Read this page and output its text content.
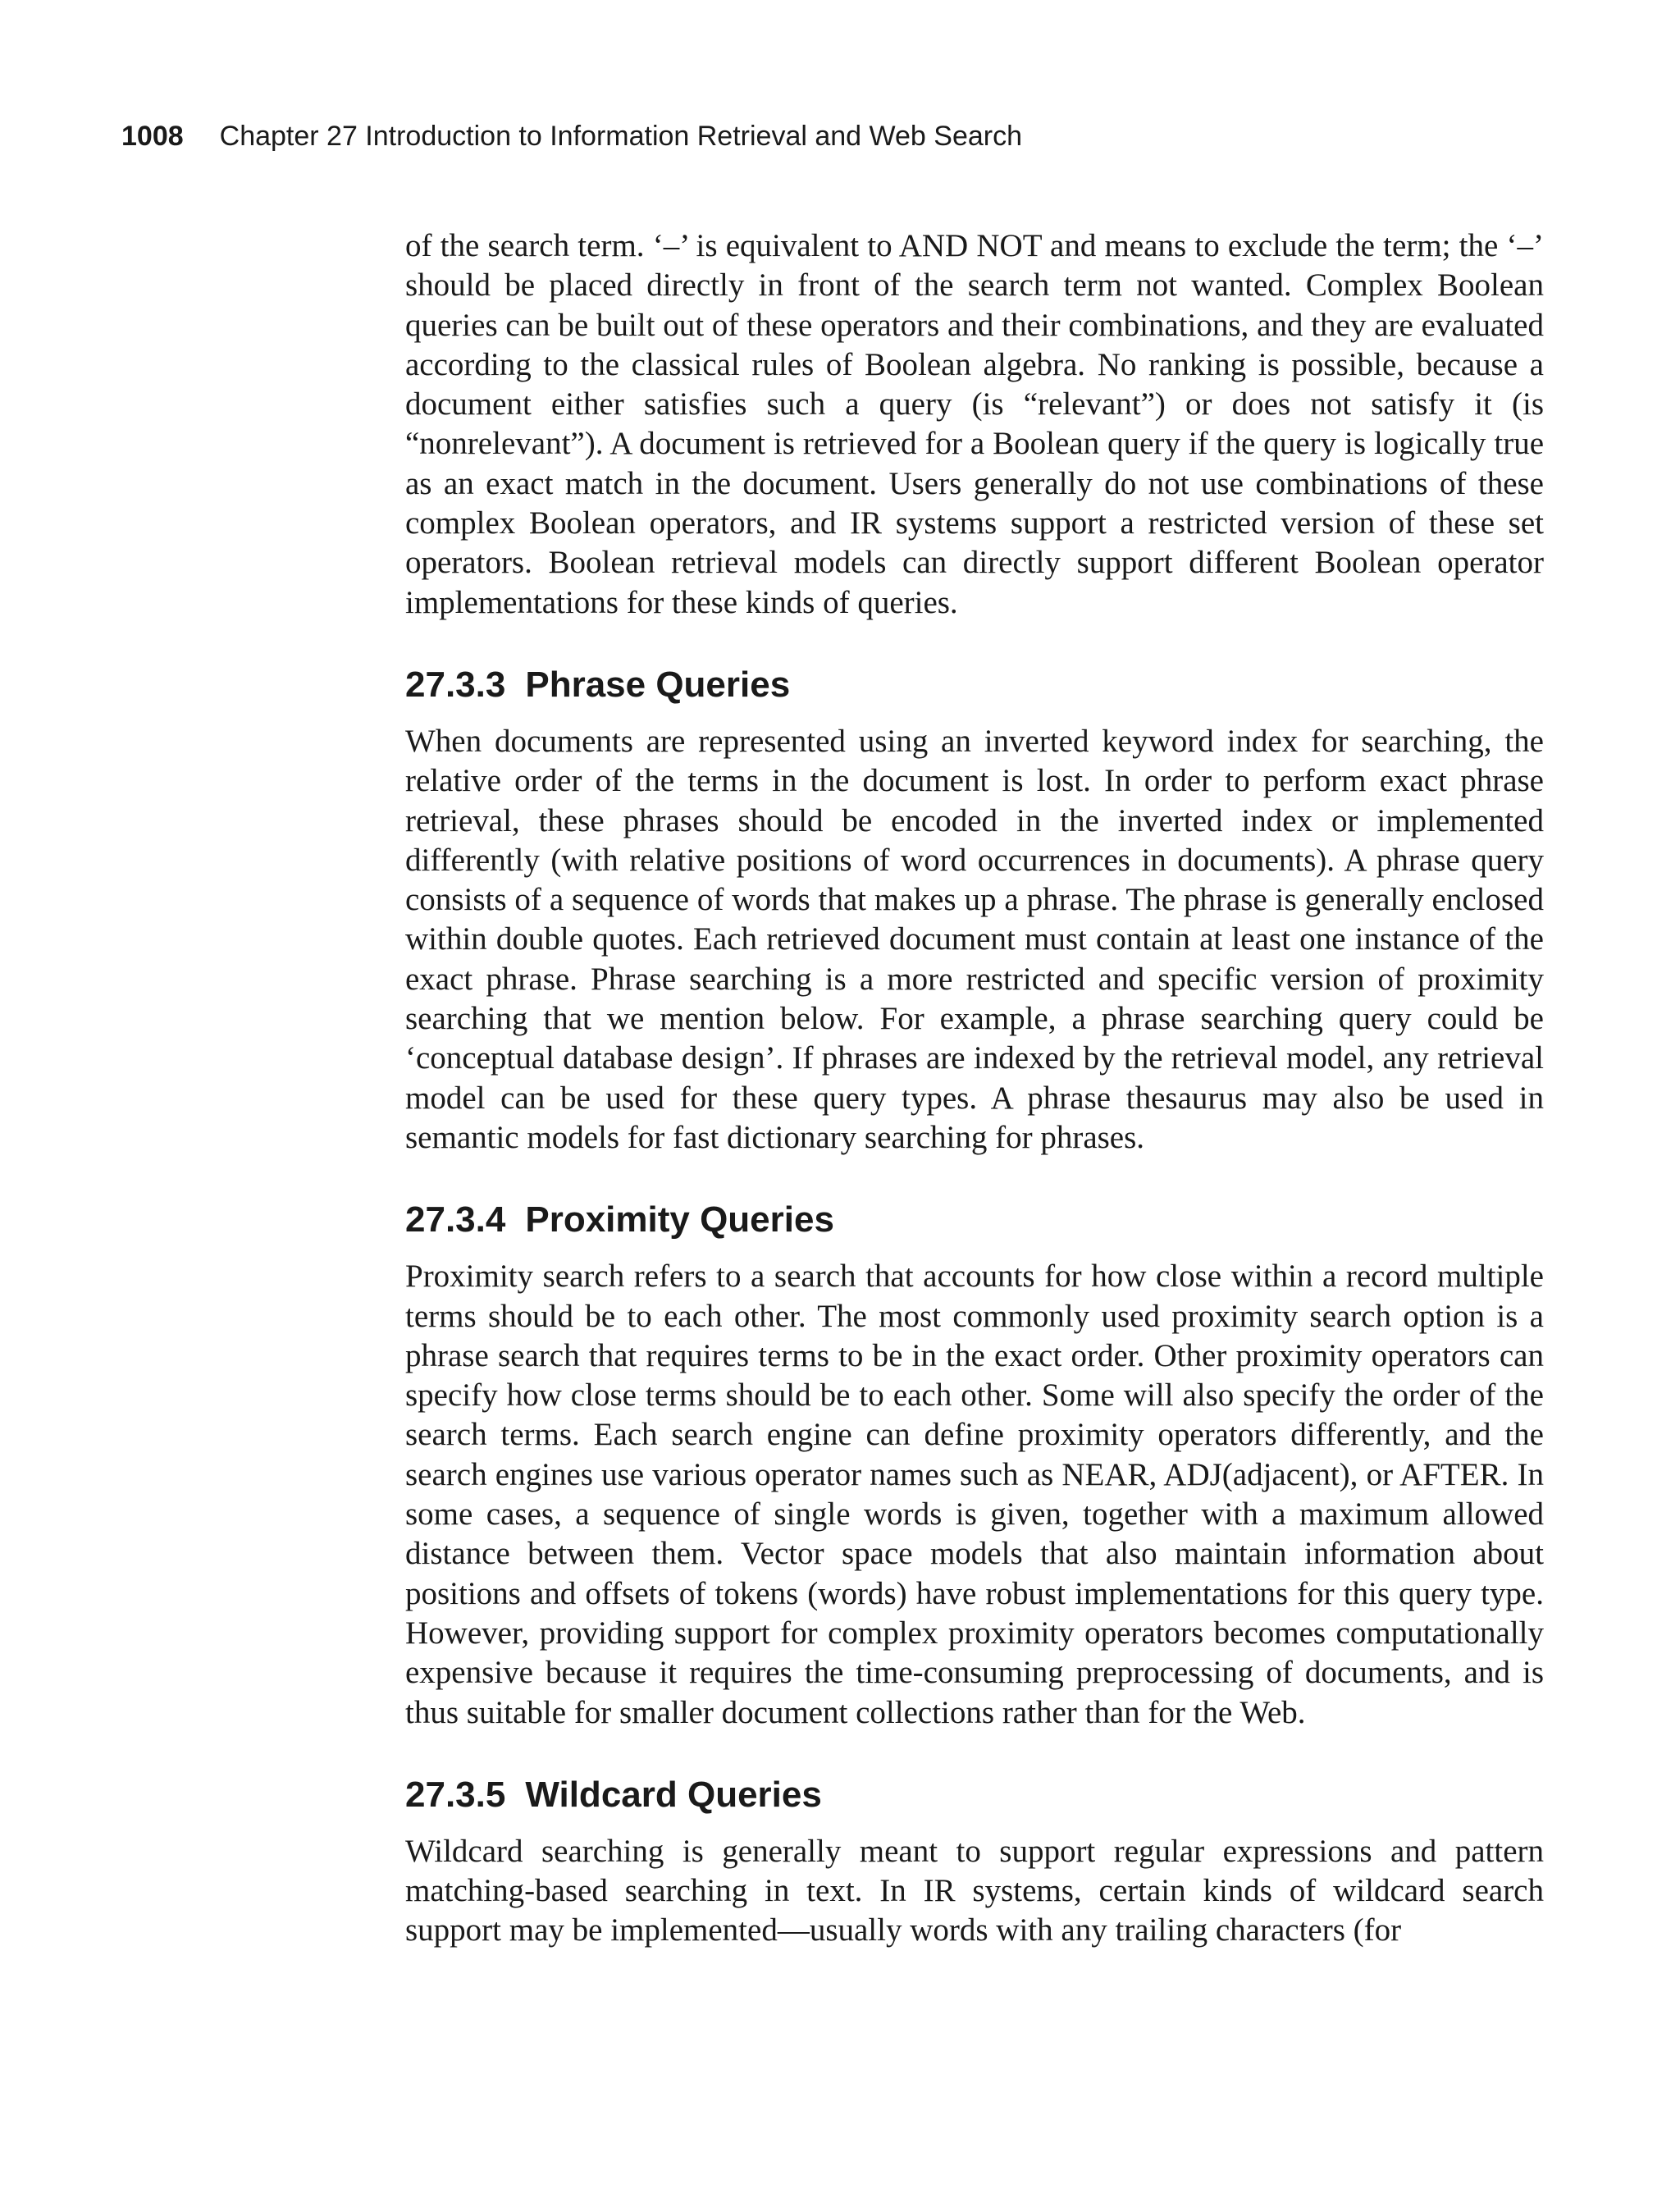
1008 Chapter 27 Introduction to Information Retrieval and Web Search

of the search term. ‘–’ is equivalent to AND NOT and means to exclude the term; the ‘–’ should be placed directly in front of the search term not wanted. Complex Boolean queries can be built out of these operators and their combinations, and they are evaluated according to the classical rules of Boolean algebra. No ranking is possible, because a document either satisfies such a query (is “relevant”) or does not satisfy it (is “nonrelevant”). A document is retrieved for a Boolean query if the query is logically true as an exact match in the document. Users generally do not use combinations of these complex Boolean operators, and IR systems support a restricted version of these set operators. Boolean retrieval models can directly support different Boolean operator implementations for these kinds of queries.

27.3.3 Phrase Queries

When documents are represented using an inverted keyword index for searching, the relative order of the terms in the document is lost. In order to perform exact phrase retrieval, these phrases should be encoded in the inverted index or implemented differently (with relative positions of word occurrences in documents). A phrase query consists of a sequence of words that makes up a phrase. The phrase is generally enclosed within double quotes. Each retrieved document must contain at least one instance of the exact phrase. Phrase searching is a more restricted and specific version of proximity searching that we mention below. For example, a phrase searching query could be ‘conceptual database design’. If phrases are indexed by the retrieval model, any retrieval model can be used for these query types. A phrase thesaurus may also be used in semantic models for fast dictionary searching for phrases.

27.3.4 Proximity Queries

Proximity search refers to a search that accounts for how close within a record multiple terms should be to each other. The most commonly used proximity search option is a phrase search that requires terms to be in the exact order. Other proximity operators can specify how close terms should be to each other. Some will also specify the order of the search terms. Each search engine can define proximity operators differently, and the search engines use various operator names such as NEAR, ADJ(adjacent), or AFTER. In some cases, a sequence of single words is given, together with a maximum allowed distance between them. Vector space models that also maintain information about positions and offsets of tokens (words) have robust implementations for this query type. However, providing support for complex proximity operators becomes computationally expensive because it requires the time-consuming preprocessing of documents, and is thus suitable for smaller document collections rather than for the Web.

27.3.5 Wildcard Queries

Wildcard searching is generally meant to support regular expressions and pattern matching-based searching in text. In IR systems, certain kinds of wildcard search support may be implemented—usually words with any trailing characters (for
